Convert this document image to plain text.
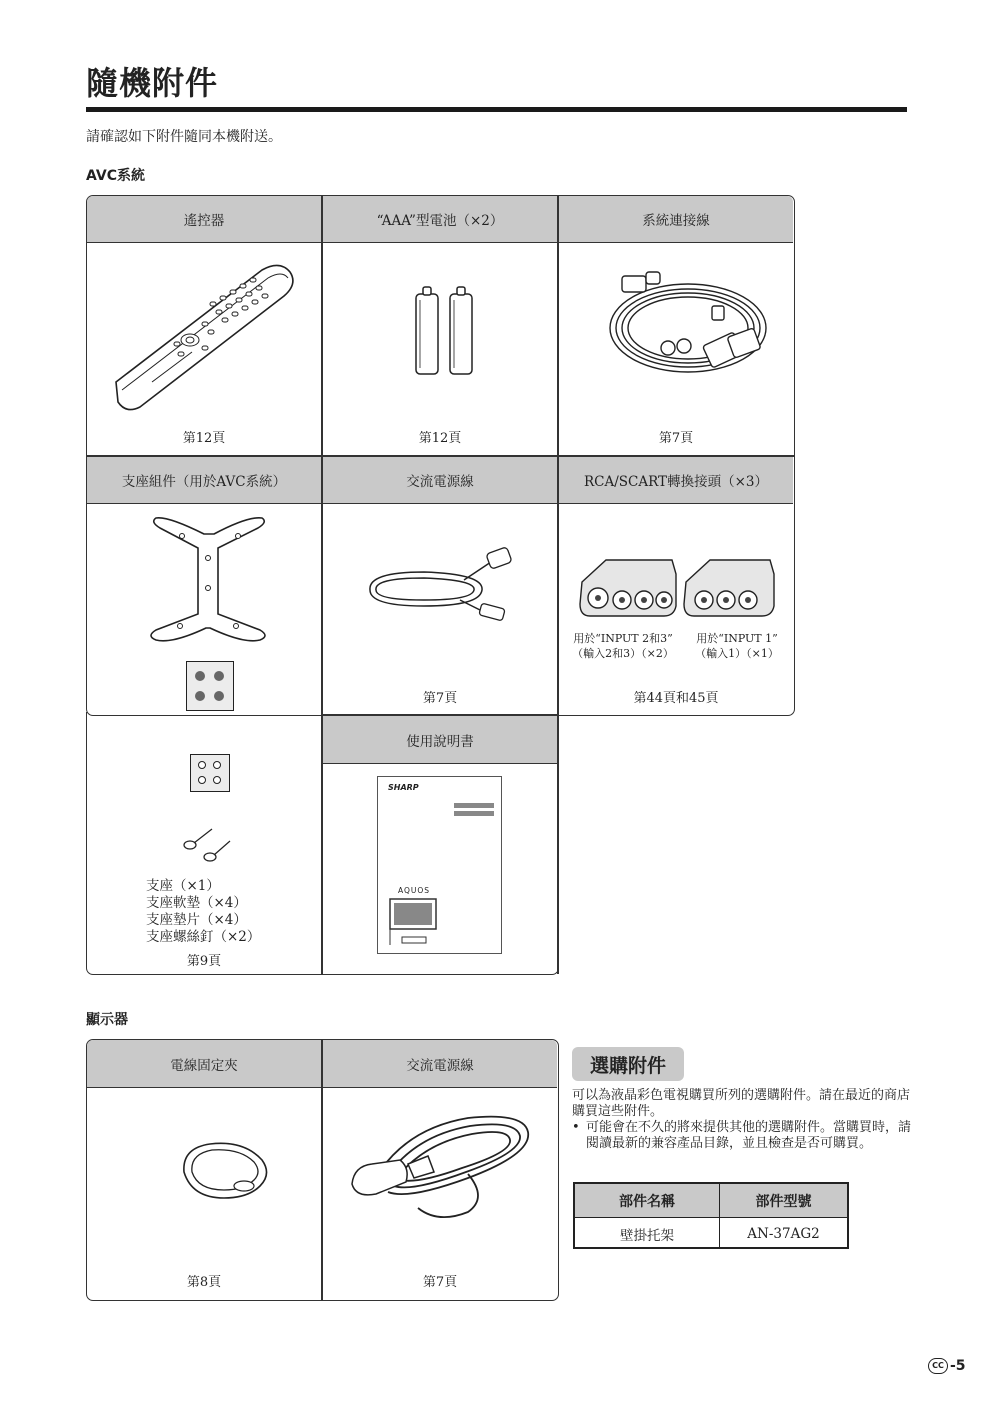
隨機附件
請確認如下附件隨同本機附送。
AVC系統
遙控器	“AAA”型電池（×2）	系統連接線
第12頁	第12頁	第7頁
支座組件（用於AVC系統）	交流電源線	RCA/SCART轉換接頭（×3）
支座（×1）
支座軟墊（×4）
支座墊片（×4）
支座螺絲釘（×2）
第9頁
第7頁
用於“INPUT 2和3”
（輸入2和3）（×2）
用於“INPUT 1”
（輸入1）（×1）
第44頁和45頁
使用說明書
SHARP
AQUOS
顯示器
電線固定夾	交流電源線
第8頁	第7頁
選購附件
可以為液晶彩色電視購買所列的選購附件。請在最近的商店購買這些附件。
• 可能會在不久的將來提供其他的選購附件。當購買時，請閱讀最新的兼容產品目錄，並且檢查是否可購買。
部件名稱	部件型號
壁掛托架	AN-37AG2
CC -5
